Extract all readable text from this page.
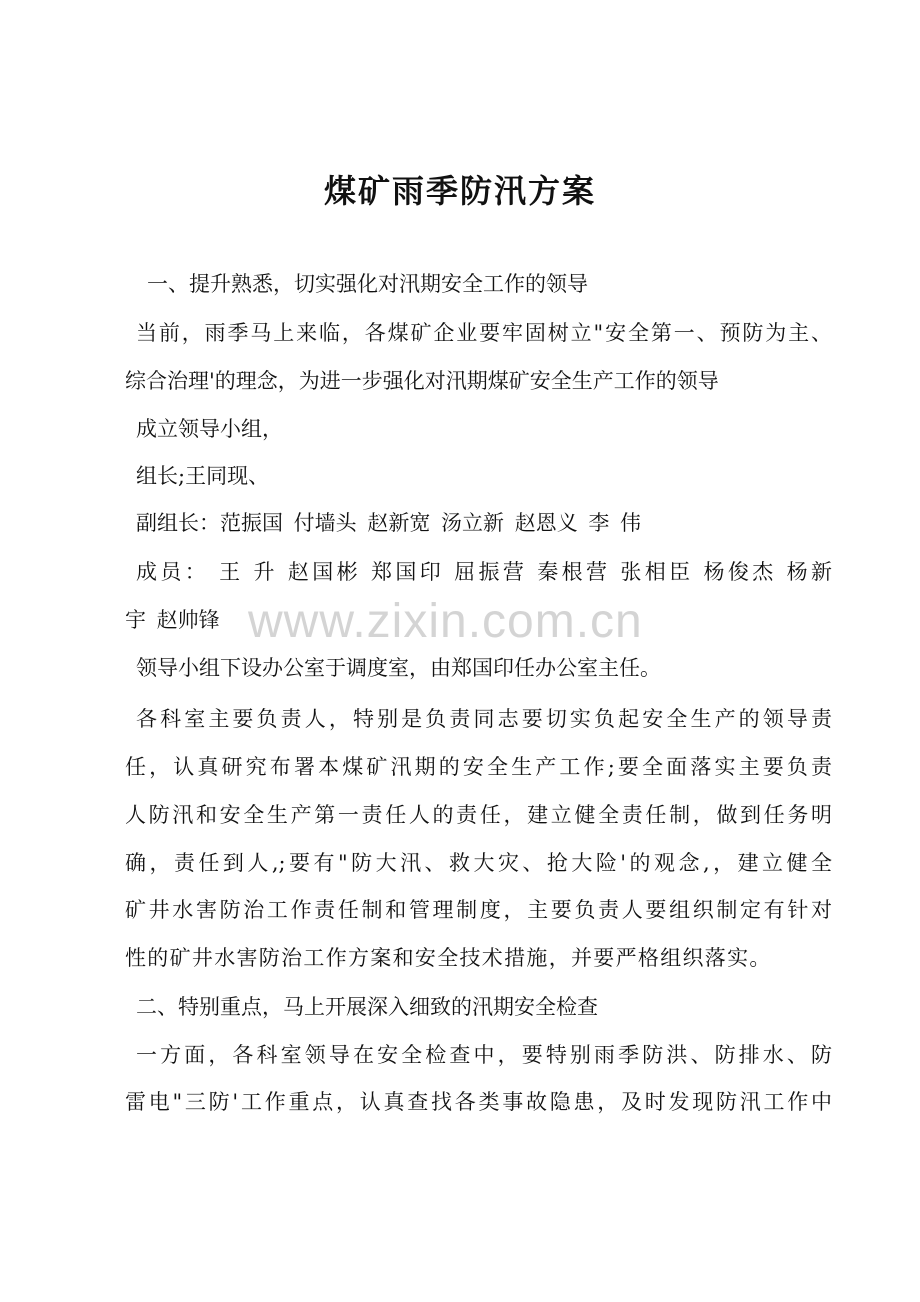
www.zixin.com.cn
煤矿雨季防汛方案
一、提升熟悉，切实强化对汛期安全工作的领导
当前，雨季马上来临，各煤矿企业要牢固树立"安全第一、预防为主、
综合治理'的理念，为进一步强化对汛期煤矿安全生产工作的领导
成立领导小组，
组长;王同现、
副组长：范振国 付墙头 赵新宽 汤立新 赵恩义 李 伟
成员： 王 升 赵国彬 郑国印 屈振营 秦根营 张相臣 杨俊杰 杨新
宇 赵帅锋
领导小组下设办公室于调度室，由郑国印任办公室主任。
各科室主要负责人，特别是负责同志要切实负起安全生产的领导责
任，认真研究布署本煤矿汛期的安全生产工作;要全面落实主要负责
人防汛和安全生产第一责任人的责任，建立健全责任制，做到任务明
确，责任到人,;要有"防大汛、救大灾、抢大险'的观念,，建立健全
矿井水害防治工作责任制和管理制度，主要负责人要组织制定有针对
性的矿井水害防治工作方案和安全技术措施，并要严格组织落实。
二、特别重点，马上开展深入细致的汛期安全检查
一方面，各科室领导在安全检查中，要特别雨季防洪、防排水、防
雷电"三防'工作重点，认真查找各类事故隐患，及时发现防汛工作中
